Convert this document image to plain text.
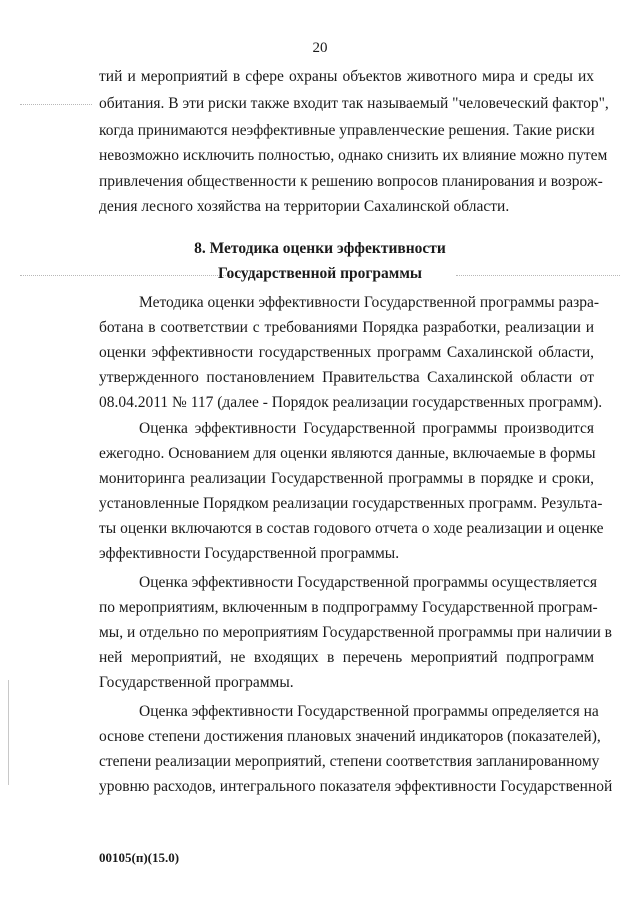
20
тий и мероприятий в сфере охраны объектов животного мира и среды их
обитания. В эти риски также входит так называемый "человеческий фактор",
когда принимаются неэффективные управленческие решения. Такие риски
невозможно исключить полностью, однако снизить их влияние можно путем
привлечения общественности к решению вопросов планирования и возрож-
дения лесного хозяйства на территории Сахалинской области.
8. Методика оценки эффективности
Государственной программы
Методика оценки эффективности Государственной программы разра-
ботана в соответствии с требованиями Порядка разработки, реализации и
оценки эффективности государственных программ Сахалинской области,
утвержденного постановлением Правительства Сахалинской области от
08.04.2011 № 117 (далее - Порядок реализации государственных программ).
Оценка эффективности Государственной программы производится
ежегодно. Основанием для оценки являются данные, включаемые в формы
мониторинга реализации Государственной программы в порядке и сроки,
установленные Порядком реализации государственных программ. Результа-
ты оценки включаются в состав годового отчета о ходе реализации и оценке
эффективности Государственной программы.
Оценка эффективности Государственной программы осуществляется
по мероприятиям, включенным в подпрограмму Государственной програм-
мы, и отдельно по мероприятиям Государственной программы при наличии в
ней мероприятий, не входящих в перечень мероприятий подпрограмм
Государственной программы.
Оценка эффективности Государственной программы определяется на
основе степени достижения плановых значений индикаторов (показателей),
степени реализации мероприятий, степени соответствия запланированному
уровню расходов, интегрального показателя эффективности Государственной
00105(п)(15.0)
